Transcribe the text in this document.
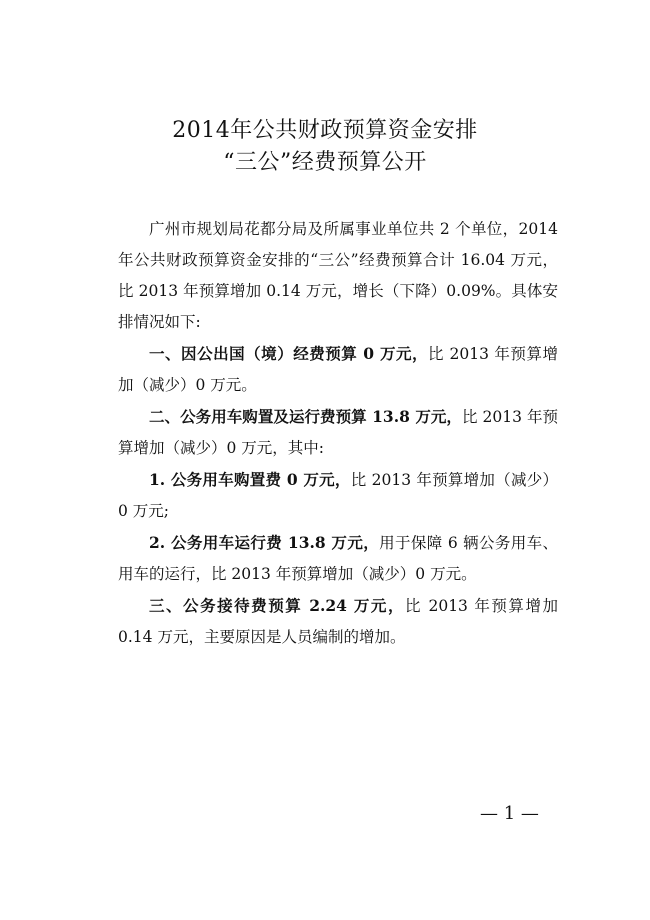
2014年公共财政预算资金安排
“三公”经费预算公开

广州市规划局花都分局及所属事业单位共 2 个单位，2014 年公共财政预算资金安排的“三公”经费预算合计 16.04 万元，比 2013 年预算增加 0.14 万元，增长（下降）0.09%。具体安排情况如下:

一、因公出国（境）经费预算 0 万元，比 2013 年预算增加（减少）0 万元。

二、公务用车购置及运行费预算 13.8 万元，比 2013 年预算增加（减少）0 万元，其中:

1. 公务用车购置费 0 万元，比 2013 年预算增加（减少）0 万元;

2. 公务用车运行费 13.8 万元，用于保障 6 辆公务用车、用车的运行，比 2013 年预算增加（减少）0 万元。

三、公务接待费预算 2.24 万元，比 2013 年预算增加 0.14 万元，主要原因是人员编制的增加。

— 1 —
